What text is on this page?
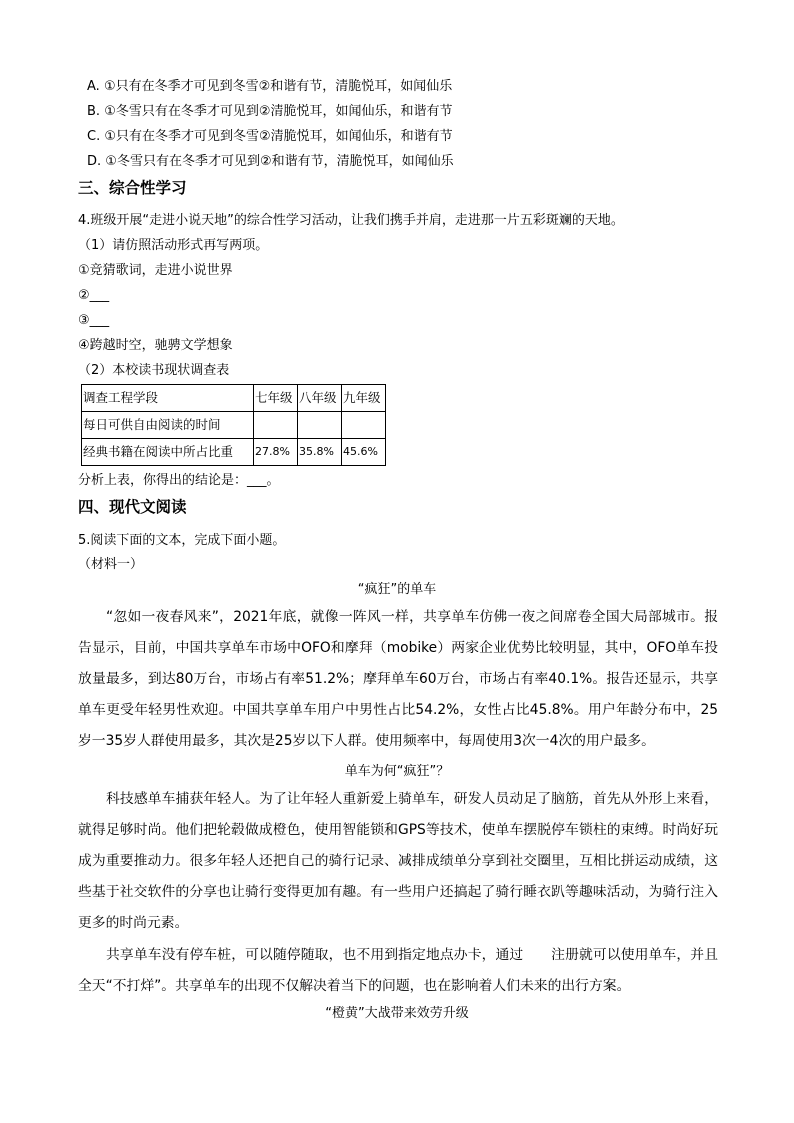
A. ①只有在冬季才可见到冬雪②和谐有节，清脆悦耳，如闻仙乐
B. ①冬雪只有在冬季才可见到②清脆悦耳，如闻仙乐，和谐有节
C. ①只有在冬季才可见到冬雪②清脆悦耳，如闻仙乐，和谐有节
D. ①冬雪只有在冬季才可见到②和谐有节，清脆悦耳，如闻仙乐
三、综合性学习
4.班级开展“走进小说天地”的综合性学习活动，让我们携手并肩，走进那一片五彩斑斓的天地。
（1）请仿照活动形式再写两项。
①竞猜歌词，走进小说世界
②___
③___
④跨越时空，驰骋文学想象
（2）本校读书现状调查表
调查工程学段	七年级	八年级	九年级
每日可供自由阅读的时间			
经典书籍在阅读中所占比重	27.8%	35.8%	45.6%
分析上表，你得出的结论是：___。
四、现代文阅读
5.阅读下面的文本，完成下面小题。
（材料一）
“疯狂”的单车
“忽如一夜春风来”，2021年底，就像一阵风一样，共享单车仿佛一夜之间席卷全国大局部城市。报告显示，目前，中国共享单车市场中OFO和摩拜（mobike）两家企业优势比较明显，其中，OFO单车投放量最多，到达80万台，市场占有率51.2%；摩拜单车60万台，市场占有率40.1%。报告还显示，共享单车更受年轻男性欢迎。中国共享单车用户中男性占比54.2%，女性占比45.8%。用户年龄分布中，25岁一35岁人群使用最多，其次是25岁以下人群。使用频率中，每周使用3次一4次的用户最多。
单车为何“疯狂”？
科技感单车捕获年轻人。为了让年轻人重新爱上骑单车，研发人员动足了脑筋，首先从外形上来看，就得足够时尚。他们把轮毂做成橙色，使用智能锁和GPS等技术，使单车摆脱停车锁柱的束缚。时尚好玩成为重要推动力。很多年轻人还把自己的骑行记录、减排成绩单分享到社交圈里，互相比拼运动成绩，这些基于社交软件的分享也让骑行变得更加有趣。有一些用户还搞起了骑行睡衣趴等趣味活动，为骑行注入更多的时尚元素。
共享单车没有停车桩，可以随停随取，也不用到指定地点办卡，通过　　注册就可以使用单车，并且全天“不打烊”。共享单车的出现不仅解决着当下的问题，也在影响着人们未来的出行方案。
“橙黄”大战带来效劳升级
